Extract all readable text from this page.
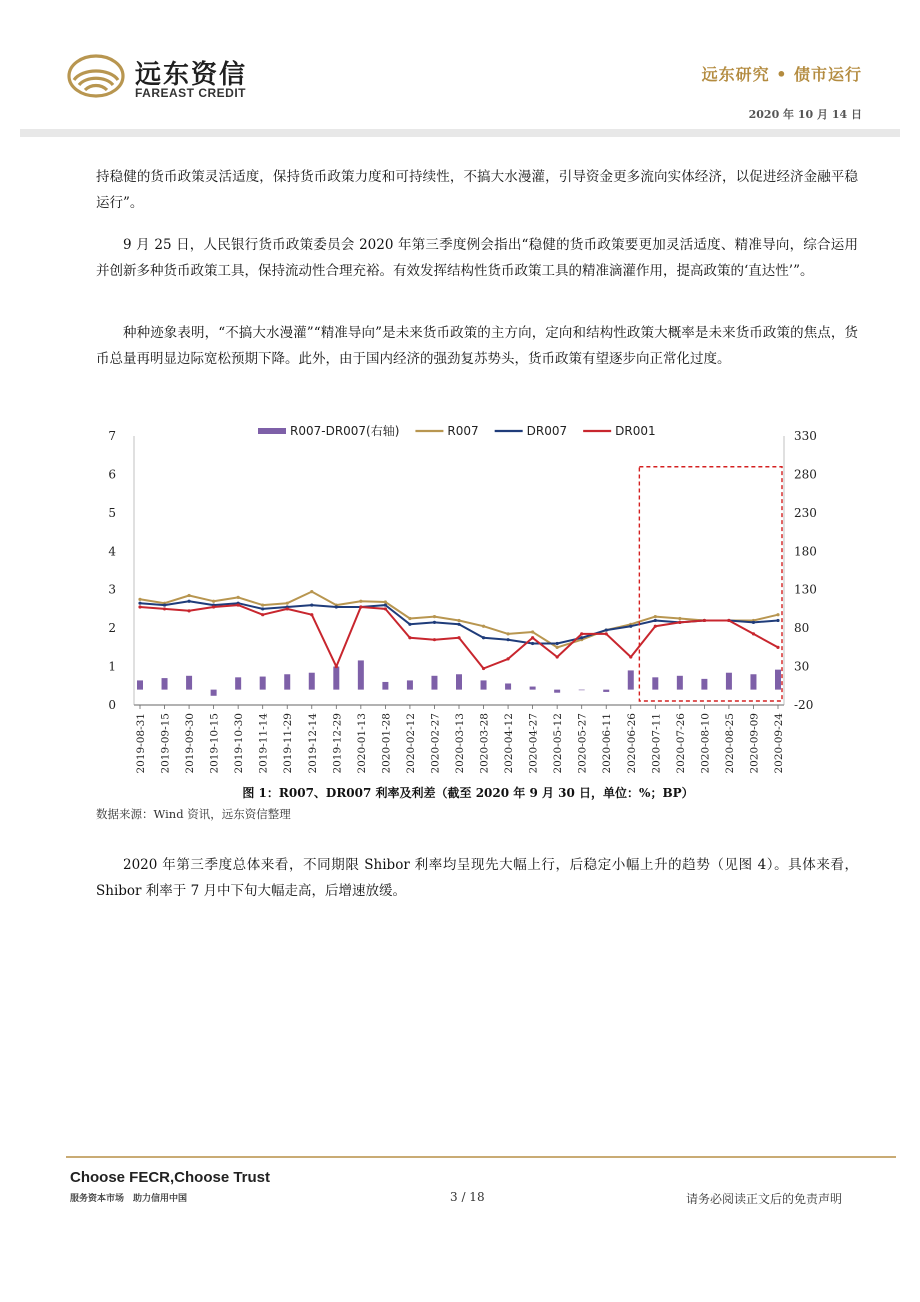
远东资信
FAREAST CREDIT
远东研究 • 债市运行
2020 年 10 月 14 日
持稳健的货币政策灵活适度，保持货币政策力度和可持续性，不搞大水漫灌，引导资金更多流向实体经济，以促进经济金融平稳运行”。
9 月 25 日，人民银行货币政策委员会 2020 年第三季度例会指出“稳健的货币政策要更加灵活适度、精准导向，综合运用并创新多种货币政策工具，保持流动性合理充裕。有效发挥结构性货币政策工具的精准滴灌作用，提高政策的‘直达性’”。
种种迹象表明，“不搞大水漫灌”“精准导向”是未来货币政策的主方向，定向和结构性政策大概率是未来货币政策的焦点，货币总量再明显边际宽松预期下降。此外，由于国内经济的强劲复苏势头，货币政策有望逐步向正常化过度。
0
1
2
3
4
5
6
7
-20
30
80
130
180
230
280
330
2019-08-31 2019-09-15 2019-09-30 2019-10-15 2019-10-30 2019-11-14 2019-11-29 2019-12-14 2019-12-29 2020-01-13 2020-01-28 2020-02-12 2020-02-27 2020-03-13 2020-03-28 2020-04-12 2020-04-27 2020-05-12 2020-05-27 2020-06-11 2020-06-26 2020-07-11 2020-07-26 2020-08-10 2020-08-25 2020-09-09 2020-09-24
R007-DR007(右轴)	R007	DR007	DR001
图 1：R007、DR007 利率及利差（截至 2020 年 9 月 30 日，单位：%；BP）
数据来源：Wind 资讯，远东资信整理
2020 年第三季度总体来看，不同期限 Shibor 利率均呈现先大幅上行，后稳定小幅上升的趋势（见图 4）。具体来看，Shibor 利率于 7 月中下旬大幅走高，后增速放缓。
Choose FECR,Choose Trust
服务资本市场　助力信用中国	3 / 18	请务必阅读正文后的免责声明
